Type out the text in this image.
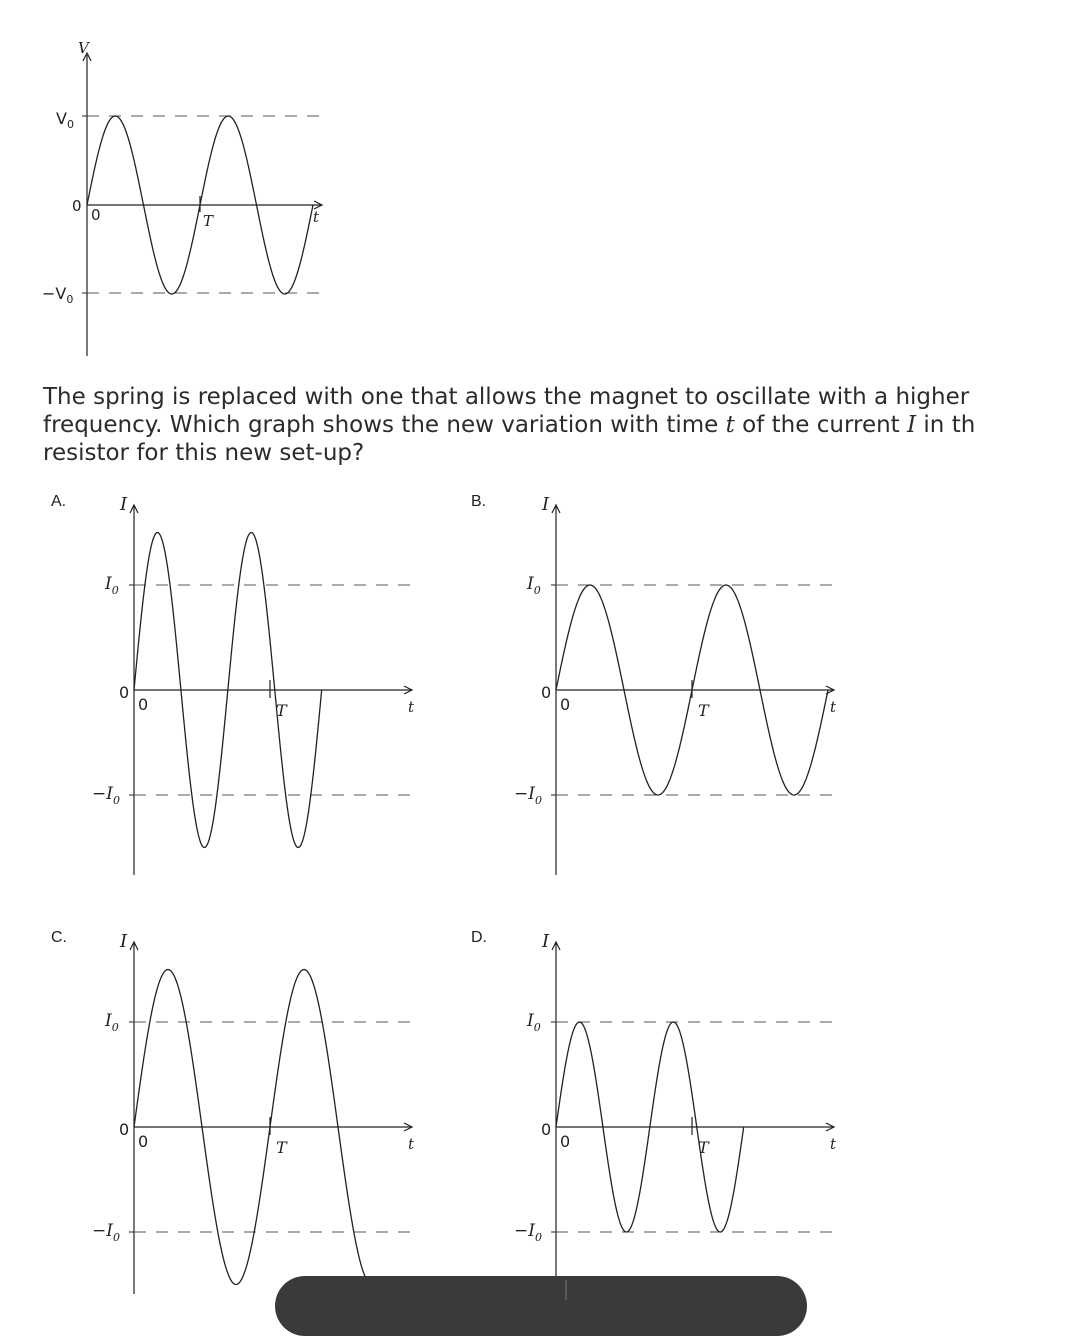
V
t
$V_0$
$-V_0$
0 0	T
I
t
$I_0$
$-I_0$
0
0	T
I
t
$I_0$
$-I_0$
0
0	T
I
t
$I_0$
$-I_0$
0
0	T
I
t
$I_0$
$-I_0$
0
0	T
The spring is replaced with one that allows the magnet to oscillate with a higher
frequency. Which graph shows the new variation with time t of the current I in th
resistor for this new set-up?
A.	B.
C.	D.
